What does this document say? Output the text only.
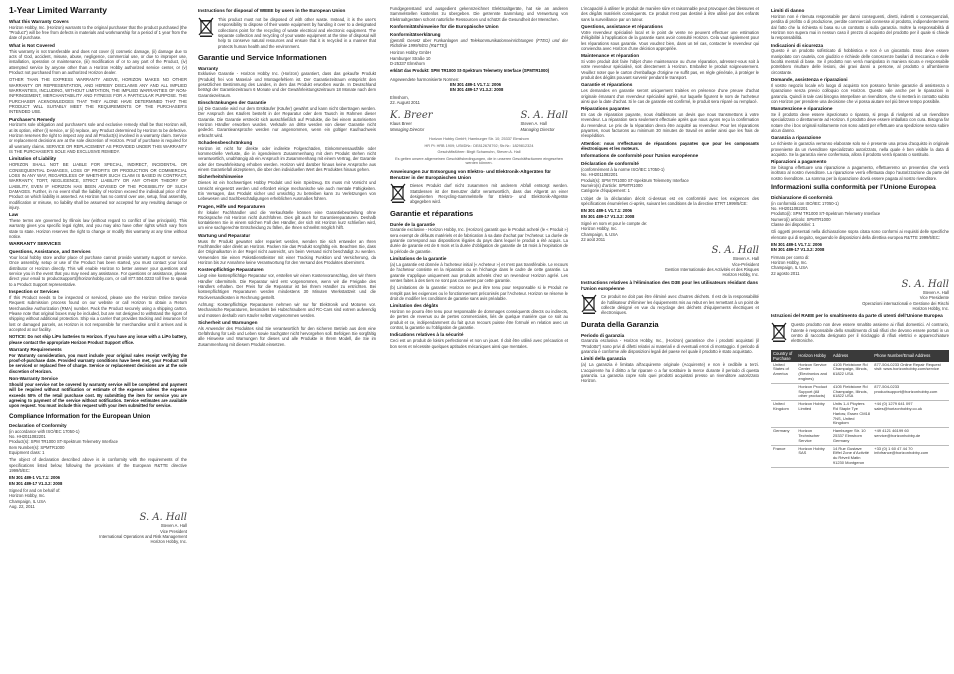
1-Year Limited Warranty
What this Warranty Covers
Horizon Hobby, Inc. (Horizon) warrants to the original purchaser that the product purchased (the "Product") will be free from defects in materials and workmanship for a period of 1 year from the date of purchase.
What is Not Covered
This warranty is not transferable and does not cover (i) cosmetic damage, (ii) damage due to acts of God, accident, misuse, abuse, negligence, commercial use, or due to improper use, installation, operation or maintenance, (iii) modification of or to any part of the Product, (iv) attempted service by anyone other than a Horizon Hobby authorized service center, or (v) Product not purchased from an authorized Horizon dealer.
OTHER THAN THE EXPRESS WARRANTY ABOVE, HORIZON MAKES NO OTHER WARRANTY OR REPRESENTATION, AND HEREBY DISCLAIMS ANY AND ALL IMPLIED WARRANTIES, INCLUDING, WITHOUT LIMITATION, THE IMPLIED WARRANTIES OF NON-INFRINGEMENT, MERCHANTABILITY AND FITNESS FOR A PARTICULAR PURPOSE. THE PURCHASER ACKNOWLEDGES THAT THEY ALONE HAVE DETERMINED THAT THE PRODUCT WILL SUITABLY MEET THE REQUIREMENTS OF THE PURCHASER'S INTENDED USE.
Purchaser's Remedy
Horizon's sole obligation and purchaser's sole and exclusive remedy shall be that Horizon will, at its option, either (i) service, or (ii) replace, any Product determined by Horizon to be defective. Horizon reserves the right to inspect any and all Product(s) involved in a warranty claim. Service or replacement decisions are at the sole discretion of Horizon. Proof of purchase is required for all warranty claims. SERVICE OR REPLACEMENT AS PROVIDED UNDER THIS WARRANTY IS THE PURCHASER'S SOLE AND EXCLUSIVE REMEDY.
Limitation of Liability
HORIZON SHALL NOT BE LIABLE FOR SPECIAL, INDIRECT, INCIDENTAL OR CONSEQUENTIAL DAMAGES, LOSS OF PROFITS OR PRODUCTION OR COMMERCIAL LOSS IN ANY WAY, REGARDLESS OF WHETHER SUCH CLAIM IS BASED IN CONTRACT, WARRANTY, TORT, NEGLIGENCE, STRICT LIABILITY OR ANY OTHER THEORY OF LIABILITY, EVEN IF HORIZON HAS BEEN ADVISED OF THE POSSIBILITY OF SUCH DAMAGES. Further, in no event shall the liability of Horizon exceed the individual price of the Product on which liability is asserted. As Horizon has no control over use, setup, final assembly, modification or misuse, no liability shall be assumed nor accepted for any resulting damage or injury.
Law
These terms are governed by Illinois law (without regard to conflict of law principals). This warranty gives you specific legal rights, and you may also have other rights which vary from state to state. Horizon reserves the right to change or modify this warranty at any time without notice.
WARRANTY SERVICES
Questions, Assistance, and Services
Your local hobby store and/or place of purchase cannot provide warranty support or service. Once assembly, setup or use of the Product has been started, you must contact your local distributor or Horizon directly. This will enable Horizon to better answer your questions and service you in the event that you may need any assistance. For questions or assistance, please direct your email to productsupport@horizonhobby.com, or call 877.504.0233 toll free to speak to a Product Support representative.
Inspection or Services
If this Product needs to be inspected or serviced, please use the Horizon Online Service Request submission process found on our website or call Horizon to obtain a Return Merchandise Authorization (RMA) number. Pack the Product securely using a shipping carton. Please note that original boxes may be included, but are not designed to withstand the rigors of shipping without additional protection. Ship via a carrier that provides tracking and insurance for lost or damaged parcels, as Horizon is not responsible for merchandise until it arrives and is accepted at our facility.
NOTICE: Do not ship LiPo batteries to Horizon. If you have any issue with a LiPo battery, please contact the appropriate Horizon Product Support office.
Warranty Requirements
For Warranty consideration, you must include your original sales receipt verifying the proof-of-purchase date. Provided warranty conditions have been met, your Product will be serviced or replaced free of charge. Service or replacement decisions are at the sole discretion of Horizon.
Non-Warranty Service
Should your service not be covered by warranty service will be completed and payment will be required without notification or estimate of the expense unless the expense exceeds 50% of the retail purchase cost. By submitting the item for service you are agreeing to payment of the service without notification. Service estimates are available upon request. You must include this request with your item submitted for service.
Compliance Information for the European Union
Declaration of Conformity
(in accordance with ISO/IEC 17050-1)
No. HH2011082201
Product(s): SPM TR1000 ST-Spektrum Telemetry Interface
Item Number(s): SPMTR1000
Equipment class: 1
The object of declaration described above is in conformity with the requirements of the specifications listed below, following the provisions of the European R&TTE directive 1999/5/EC:
EN 301 489-1 V1.7.1: 2006
EN 301 489-17 V1.3.2: 2008
Signed for and on behalf of:
Horizon Hobby, Inc.
Champaign, IL USA
Aug. 22, 2011
S. A. Hall
Steven A. Hall
Vice President
International Operations and Risk Management
Horizon Hobby, Inc.
Instructions for disposal of WEEE by users in the European Union
This product must not be disposed of with other waste. Instead, it is the user's responsibility to dispose of their waste equipment by handing it over to a designated collections point for the recycling of waste electrical and electronic equipment. The separate collection and recycling of your waste equipment at the time of disposal will help to conserve natural resources and ensure that it is recycled in a manner that protects human health and the environment.
Garantie und Service Informationen
Warranty
Exklusive Garantie - Horizon Hobby Inc. (Horizon) garantiert, dass das gekaufte Produkt (Produkt) frei von Material- und Montagefehlern ist. Der Garantiezeitraum entspricht den gesetzlichen Bestimmung des Landes, in dem das Produkt erworben wurde. In Deutschland beträgt der Garantiezeitraum 6 Monate und der Gewährleistungszeitraum 18 Monate nach dem Garantiezeitraum.
Einschränkungen der Garantie
(a) Die Garantie wird nur dem Erstkäufer (Käufer) gewährt und kann nicht übertragen werden. Der Anspruch des Käufers besteht in der Reparatur oder dem Tausch im Rahmen dieser Garantie. Die Garantie erstreckt sich ausschließlich auf Produkte, die bei einem autorisierten Horizon Händler erworben wurden. Verkäufe an dritte werden von dieser Garantie nicht gedeckt. Garantieansprüche werden nur angenommen, wenn ein gültiger Kaufnachweis erbracht wird.
Schadensbeschränkung
Horizon ist nicht für direkte oder indirekte Folgeschäden, Einkommensausfälle oder kommerzielle Verluste, die in irgendeinem Zusammenhang mit dem Produkt stehen nicht verantwortlich, unabhängig ab ein Anspruch im Zusammenhang mit einem Vertrag, der Garantie oder der Gewährleistung erhoben werden. Horizon wird darüber hinaus keine Ansprüche aus einem Garantiefall akzeptieren, die über den individuellen Wert des Produktes hinaus gehen.
Sicherheitshinweise
Dieses ist ein hochwertiges Hobby Produkt und kein Spielzeug. Es muss mit Vorsicht und Umsicht eingesetzt werden und erfordert einige mechanische wie auch mentale Fähigkeiten. Ein Versagen, das Produkt sicher und umsichtig zu betreiben kann zu Verletzungen von Lebewesen und Sachbeschädigungen erheblichen Ausmaßes führen.
Fragen, Hilfe und Reparaturen
Ihr lokaler Fachhändler und die Verkaufstelle können eine Garantiebeurteilung ohne Rücksprache mit Horizon nicht durchführen. Dies gilt auch für Garantiereparaturen. Deshalb kontaktieren Sie in einem solchen Fall den Händler, der sich mit Horizon kurz schließen wird, um eine sachgerechte Entscheidung zu fällen, die Ihnen schnellst möglich hilft.
Wartung und Reparatur
Muss Ihr Produkt gewartet oder repariert werden, wenden Sie sich entweder an Ihren Fachhändler oder direkt an Horizon. Packen Sie das Produkt sorgfältig ein. Beachten Sie, dass der Originalkarton in der Regel nicht ausreicht, um beim Versand nicht beschädigt zu werden. Verwenden Sie einen Paketdienstleister mit einer Tracking Funktion und Versicherung, da Horizon bis zur Annahme keine Verantwortung für den Versand des Produktes übernimmt.
Kostenpflichtige Reparaturen
Liegt eine kostenpflichtige Reparatur vor, erstellen wir einen Kostenvoranschlag, den wir Ihrem Händler übermitteln. Die Reparatur wird erst vorgenommen, wenn wir die Freigabe des Händlers erhalten. Der Preis für die Reparatur ist bei Ihrem Händler zu entrichten. Bei kostenpflichtigen Reparaturen werden mindestens 30 Minuten Werkstattzeit und die Rückversandkosten in Rechnung gestellt.
Achtung: Kostenpflichtige Reparaturen nehmen wir nur für Elektronik und Motoren vor. Mechanische Reparaturen, besonders bei Hubschraubern und RC-Cars sind extrem aufwendig und müssen deshalb vom Käufer selbst vorgenommen werden.
Sicherheit und Warnungen
Als Anwender des Produktes sind Sie verantwortlich für den sicheren Betrieb aus dem eine Gefährdung für Leib und Leben sowie Sachgüter nicht hervorgehen soll. Befolgen Sie sorgfältig alle Hinweise und Warnungen für dieses und alle Produkte in Ihrem Modell, die Sie im Zusammenhang mit diesem Produkt einsetzen.
Fundgegenstand und ausgedient gekennzeichnet Elektroaltgeräte, hat sie an anderen Sammelstellen kostenlos zu übergeben. Die getrennte Sammlung und Verwertung von Elektroaltgeräten schont natürliche Ressourcen und schützt die Gesundheit der Menschen.
Konformitätshinweise für die Europäische Union
Konformitätserklärung
(gemäß Gesetz über Funkanlagen und Telekommunikationseinrichtungen (FTEG) und der Richtlinie 1999/5/EG (R&TTE))
Horizon Hobby GmbH
Hamburger Straße 10
D-25337 Elmshorn
erklärt das Produkt: SPM TR1000 St-Spektrum Telemetry Interface (SPMTR1000)
Angewendete harmonisierte Normen:
EN 301 489-1 V1.7.1: 2006
EN 301 489-17 V1.3.2: 2008
Elmshorn,
22. August 2011
K. Breer
Klaus Breer
Managing Director
S. A. Hall
Steven A. Hall
Managing Director
Horizon Hobby GmbH; Hamburger Str. 10; 25337 Elmshorn
HR Pi: HRB 1909; UStIDNr.: DE812678792; Str.Nr.: 1829812324
Geschäftsführer: Birgit Schamuhn, Steven A. Hall
Es gelten unsere allgemeinen Geschäftsbedingungen, die in unseren Geschäftsräumen eingesehen werden können.
Anweisungen zur Entsorgung von Elektro- und Elektronik-Altgeräten für Benutzer in der Europäischen Union
Dieses Produkt darf nicht zusammen mit anderem Abfall entsorgt werden. Stattdessen ist der Benutzer dafür verantwortlich, dass das Altgerät an einer designierten Recycling-Sammelstelle für Elektro- und Elektronik-Altgeräte abgegeben wird.
Garantie et réparations
Durée de la garantie
Garantie exclusive - Horizon Hobby, Inc. (Horizon) garantit que le Produit acheté (le « Produit ») sera exempt de défauts matériels et de fabrication à sa date d'achat par l'Acheteur. La durée de garantie correspond aux dispositions légales du pays dans lequel le produit a été acquis. La durée de garantie est de 6 mois et la durée d'obligation de garantie de 18 mois à l'expiration de la période de garantie.
Limitations de la garantie
(a) La garantie est donnée à l'acheteur initial (« Acheteur ») et n'est pas transférable. Le recours de l'acheteur consiste en la réparation ou en l'échange dans le cadre de cette garantie. La garantie s'applique uniquement aux produits achetés chez un revendeur Horizon agréé. Les ventes faites à des tiers ne sont pas couvertes par cette garantie.
(b) Limitations de la garantie: Horizon ne peut être tenu pour responsable si le Produit ne remplit pas les exigences ou le fonctionnement préconisés par l'Acheteur. Horizon se réserve le droit de modifier les conditions de garantie sans avis préalable.
Limitation des dégâts
Horizon ne pourra être tenu pour responsable de dommages conséquents directs ou indirects, de pertes de revenus ou de pertes commerciales, liés de quelque manière que ce soit au produit et ce, indépendamment du fait qu'un recours puisse être formulé en relation avec un contrat, la garantie ou l'obligation de garantie.
Indications relatives à la sécurité
Ceci est un produit de loisirs perfectionné et non un jouet. Il doit être utilisé avec précaution et bon sens et nécessite quelques aptitudes mécaniques ainsi que mentales.
L'incapacité à utiliser le produit de manière sûre et raisonnable peut provoquer des blessures et des dégâts matériels conséquents. Ce produit n'est pas destiné à être utilisé par des enfants sans la surveillance par un tuteur.
Questions, assistance et réparations
Votre revendeur spécialisé local et le point de vente ne peuvent effectuer une estimation d'éligibilité à l'application de la garantie sans avoir consulté Horizon. Cela vaut également pour les réparations sous garantie. Vous voudrez bien, dans un tel cas, contacter le revendeur qui conviendra avec Horizon d'une décision appropriée.
Maintenance et réparation
Si votre produit doit faire l'objet d'une maintenance ou d'une réparation, adressez-vous soit à votre revendeur spécialisé, soit directement à Horizon. Emballez le produit soigneusement. Veuillez noter que le carton d'emballage d'origine ne suffit pas, en règle générale, à protéger le produit des dégâts pouvant survenir pendant le transport.
Garantie et réparations
Les demandes en garantie seront uniquement traitées en présence d'une preuve d'achat originale émanant d'un revendeur spécialisé agréé, sur laquelle figurent le nom de l'acheteur ainsi que la date d'achat. Si le cas de garantie est confirmé, le produit sera réparé ou remplacé.
Réparations payantes
En cas de réparation payante, nous établissons un devis que nous transmettons à votre revendeur. La réparation sera seulement effectuée après que nous ayons reçu la confirmation du revendeur. Le prix de la réparation devra être acquitté au revendeur. Pour les réparations payantes, nous facturons au minimum 30 minutes de travail en atelier ainsi que les frais de réexpédition.
Attention: nous n'effectuons de réparations payantes que pour les composants électroniques et les moteurs.
Informations de conformité pour l'Union européenne
Déclaration de conformité
(conformément à la norme ISO/IEC 17050-1)
No. HH2011082201
Produit(s): SPM TR1000 ST-Spektrum Telemetry Interface
Numéro(s) d'article: SPMTR1000
Catégorie d'équipement: 1
L'objet de la déclaration décrit ci-dessus est en conformité avec les exigences des spécifications énumérées ci-après, suivant les conditions de la directive ETRT 1999/5/CE:
EN 301 489-1 V1.7.1: 2006
EN 301 489-17 V1.3.2: 2008
Signé en nom et pour le compte de:
Horizon Hobby, Inc.
Champaign, IL USA
22 août 2011
S. A. Hall
Steven A. Hall
Vice-Président
Gestion Internationale des Activités et des Risques
Horizon Hobby, Inc.
Instructions relatives à l'élimination des D3E pour les utilisateurs résidant dans l'Union européenne
Ce produit ne doit pas être éliminé avec d'autres déchets. Il est de la responsabilité de l'utilisateur d'éliminer les équipements mis au rebut en les remettant à un point de collecte désigné en vue du recyclage des déchets d'équipements électriques et électroniques.
Durata della Garanzia
Periodo di garanzia
Garanzia esclusiva - Horizon Hobby, Inc., (Horizon) garantisce che i prodotti acquistati (il "Prodotto") sono privi di difetti relativi ai materiali e di eventuali errori di montaggio. Il periodo di garanzia è conforme alle disposizioni legali del paese nel quale il prodotto è stato acquistato.
Limiti della garanzia
(a) La garanzia è limitata all'acquirente originale (Acquirente) e non è cedibile a terzi. L'acquirente ha il diritto a far riparare o a far sostituire la merce durante il periodo di questa garanzia. La garanzia copre solo quei prodotti acquistati presso un rivenditore autorizzato Horizon.
Limiti di danno
Horizon non è ritenuta responsabile per danni conseguenti, diretti, indiretti o consequenziali, perdita di profitto o di produzione, perdite commerciali connesse al prodotto, indipendentemente dal fatto che la richiesta si basa su un contratto o sulla garanzia. Inoltre la responsabilità di Horizon non supera mai in nessun caso il prezzo di acquisto del prodotto per il quale si chiede la responsabilità.
Indicazioni di sicurezza
Questo è un prodotto sofisticato di hobbistica e non è un giocattolo. Esso deve essere manipolato con cautela, con giudizio e richiede delle conoscenze basilari di meccanica e delle facoltà mentali di base. Se il prodotto non verrà manipolato in maniera sicura e responsabile potrebbero risultare delle lesioni, dei gravi danni a persone, al prodotto o all'ambiente circostante.
Domande, assistenza e riparazioni
Il vostro negozio locale e/o luogo di acquisto non possono fornire garanzie di assistenza o riparazione senza previo colloquio con Horizon. Questo vale anche per le riparazioni in garanzia. Quindi in tale casi bisogna interpellare un rivenditore, che si metterà in contatto subito con Horizon per prendere una decisione che vi possa aiutare nel più breve tempo possibile.
Manutenzione e riparazione
Se il prodotto deve essere ispezionato o riparato, si prega di rivolgersi ad un rivenditore specializzato o direttamente ad Horizon. Il prodotto deve essere imballato con cura. Bisogna far notare che i box originali solitamente non sono adatti per effettuare una spedizione senza subire alcun danno.
Garanzia a riparazione
Le richieste in garanzia verranno elaborate solo se è presente una prova d'acquisto in originale proveniente da un rivenditore specializzato autorizzato, nella quale è ben visibile la data di acquisto. Se la garanzia viene confermata, allora il prodotto verrà riparato o sostituito.
Riparazioni a pagamento
Se bisogna effettuare una riparazione a pagamento, effettueremo un preventivo che verrà inoltrato al nostro rivenditore. La riparazione verrà effettuata dopo l'autorizzazione da parte del nostro rivenditore. La somma per la riparazione dovrà essere pagata al nostro rivenditore.
Informazioni sulla conformità per l'Unione Europea
Dichiarazione di conformità
(in conformità con ISO/IEC 17050-1)
No. HH2011082201
Prodotto(i): SPM TR1000 ST-Spektrum Telemetry Interface
Numero(i) articolo: SPMTR1000
Classe dei dispositivi: 1
Gli oggetti presentati nella dichiarazione sopra citata sono conformi ai requisiti delle specifiche elencate qui di seguito, seguendo le disposizioni della direttiva europea R&TTE 1999/5/EC:
EN 301 489-1 V1.7.1: 2006
EN 301 489-17 V1.3.2: 2008
Firmato per conto di:
Horizon Hobby, Inc.
Champaign, IL USA
22 agosto 2011
S. A. Hall
Steven A. Hall
Vice Presidente
Operazioni internazionali e Gestione dei Rischi
Horizon Hobby, Inc.
Istruzioni del RAEE per lo smaltimento da parte di utenti dell'Unione Europea
Questo prodotto non deve essere smaltito assieme ai rifiuti domestici. Al contrario, l'utente è responsabile dello smaltimento di tali rifiuti che devono essere portati in un centro di raccolta designato per il riciclaggio di rifiuti elettrici e apparecchiature elettroniche.
Country of Purchase	Horizon Hobby	Address	Phone Number/Email Address
United States of America	Horizon Service Center (Electronics and engines)	4105 Fieldstone Rd Champaign, Illinois, 61822 USA	877-504-0233 Online Repair Request visit: www.horizonhobby.com/service
	Horizon Product Support (All other products)	4105 Fieldstone Rd Champaign, Illinois, 61822 USA	877-504-0233 productsupport@horizonhobby.com
United Kingdom	Horizon Hobby Limited	Units 1-4 Ployters Rd Staple Tye Harlow, Essex CM18 7NS, United Kingdom	+44 (0) 1279 641 097 sales@horizonhobby.co.uk
Germany	Horizon Technischer Service	Hamburger Str. 10 25337 Elmshorn Germany	+49 4121 46199 60 service@horizonhobby.de
France	Horizon Hobby SAS	14 Rue Gustave Eiffel Zone d'Activité du Réveil Matin 91230 Montgeron	+33 (0) 1 60 47 44 70 infofrance@horizonhobby.com
